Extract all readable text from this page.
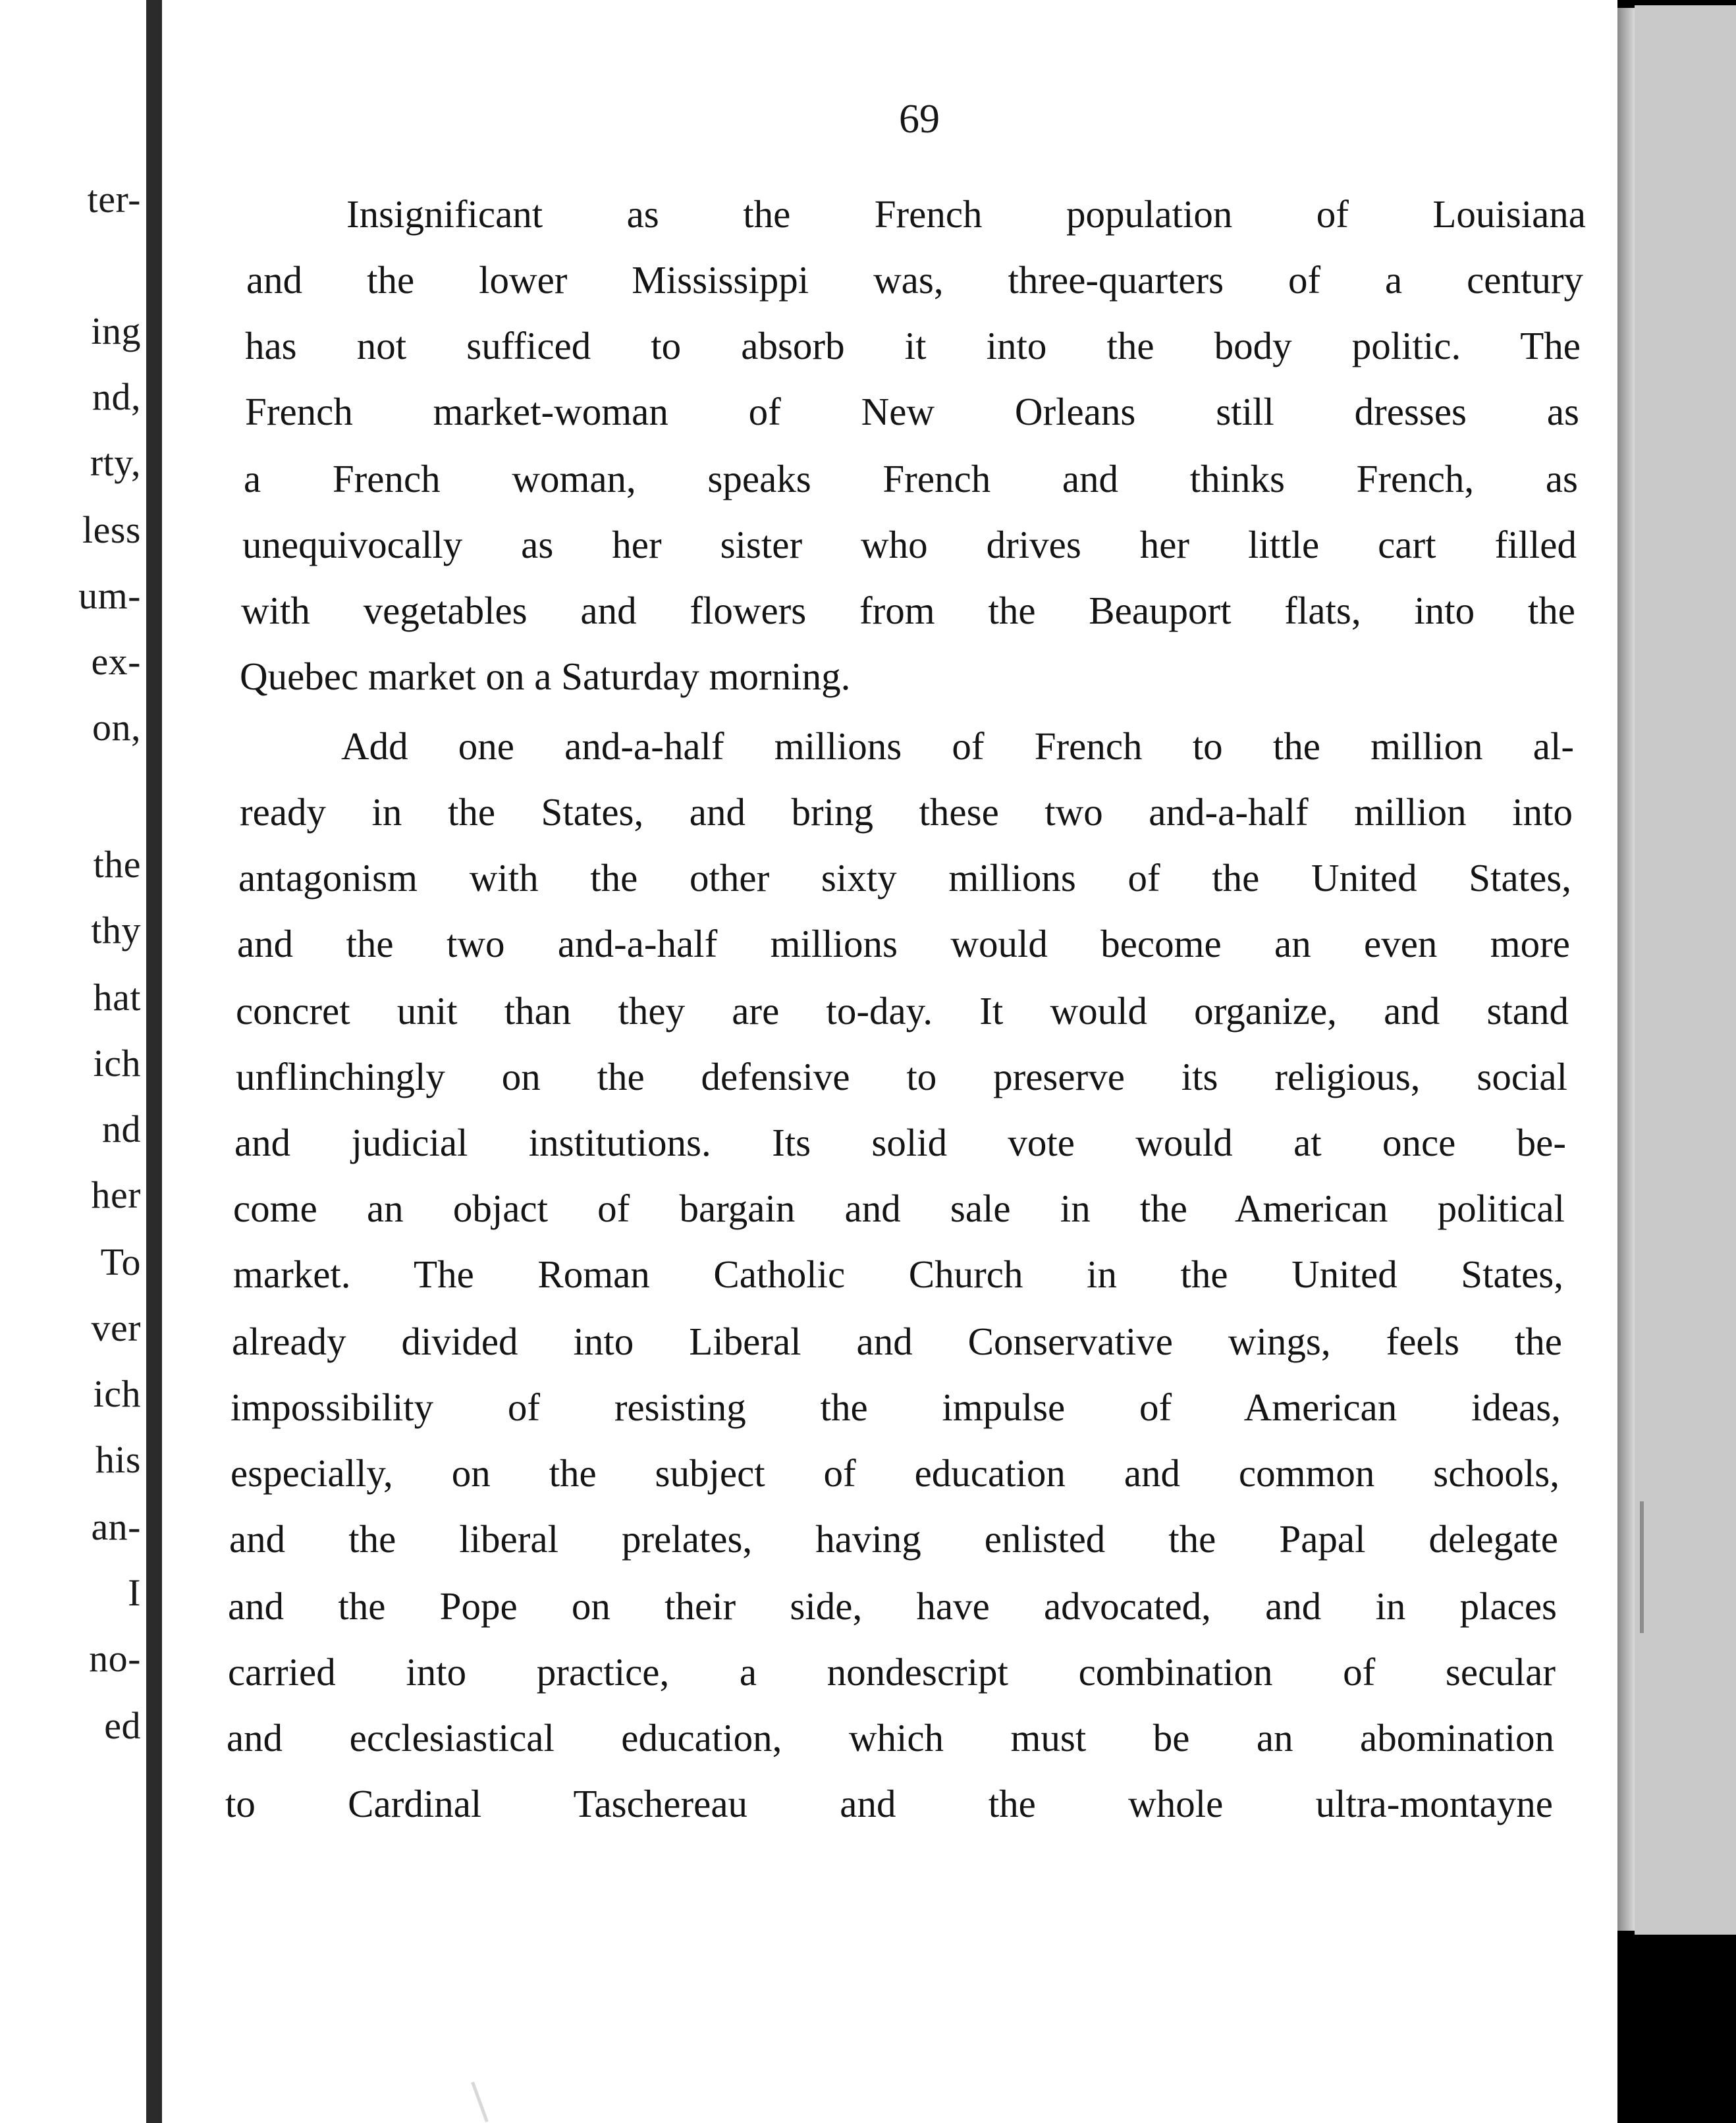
ter-
ing
nd,
rty,
less
um-
ex-
on,
the
thy
hat
ich
nd
her
To
ver
ich
his
an-
I
no-
ed
69
Insignificant as the French population of Louisiana
and the lower Mississippi was, three-quarters of a century
has not sufficed to absorb it into the body politic. The
French market-woman of New Orleans still dresses as
a French woman, speaks French and thinks French, as
unequivocally as her sister who drives her little cart filled
with vegetables and flowers from the Beauport flats, into the
Quebec market on a Saturday morning.
Add one and-a-half millions of French to the million al-
ready in the States, and bring these two and-a-half million into
antagonism with the other sixty millions of the United States,
and the two and-a-half millions would become an even more
concret unit than they are to-day. It would organize, and stand
unflinchingly on the defensive to preserve its religious, social
and judicial institutions. Its solid vote would at once be-
come an objact of bargain and sale in the American political
market. The Roman Catholic Church in the United States,
already divided into Liberal and Conservative wings, feels the
impossibility of resisting the impulse of American ideas,
especially, on the subject of education and common schools,
and the liberal prelates, having enlisted the Papal delegate
and the Pope on their side, have advocated, and in places
carried into practice, a nondescript combination of secular
and ecclesiastical education, which must be an abomination
to Cardinal Taschereau and the whole ultra-montayne
